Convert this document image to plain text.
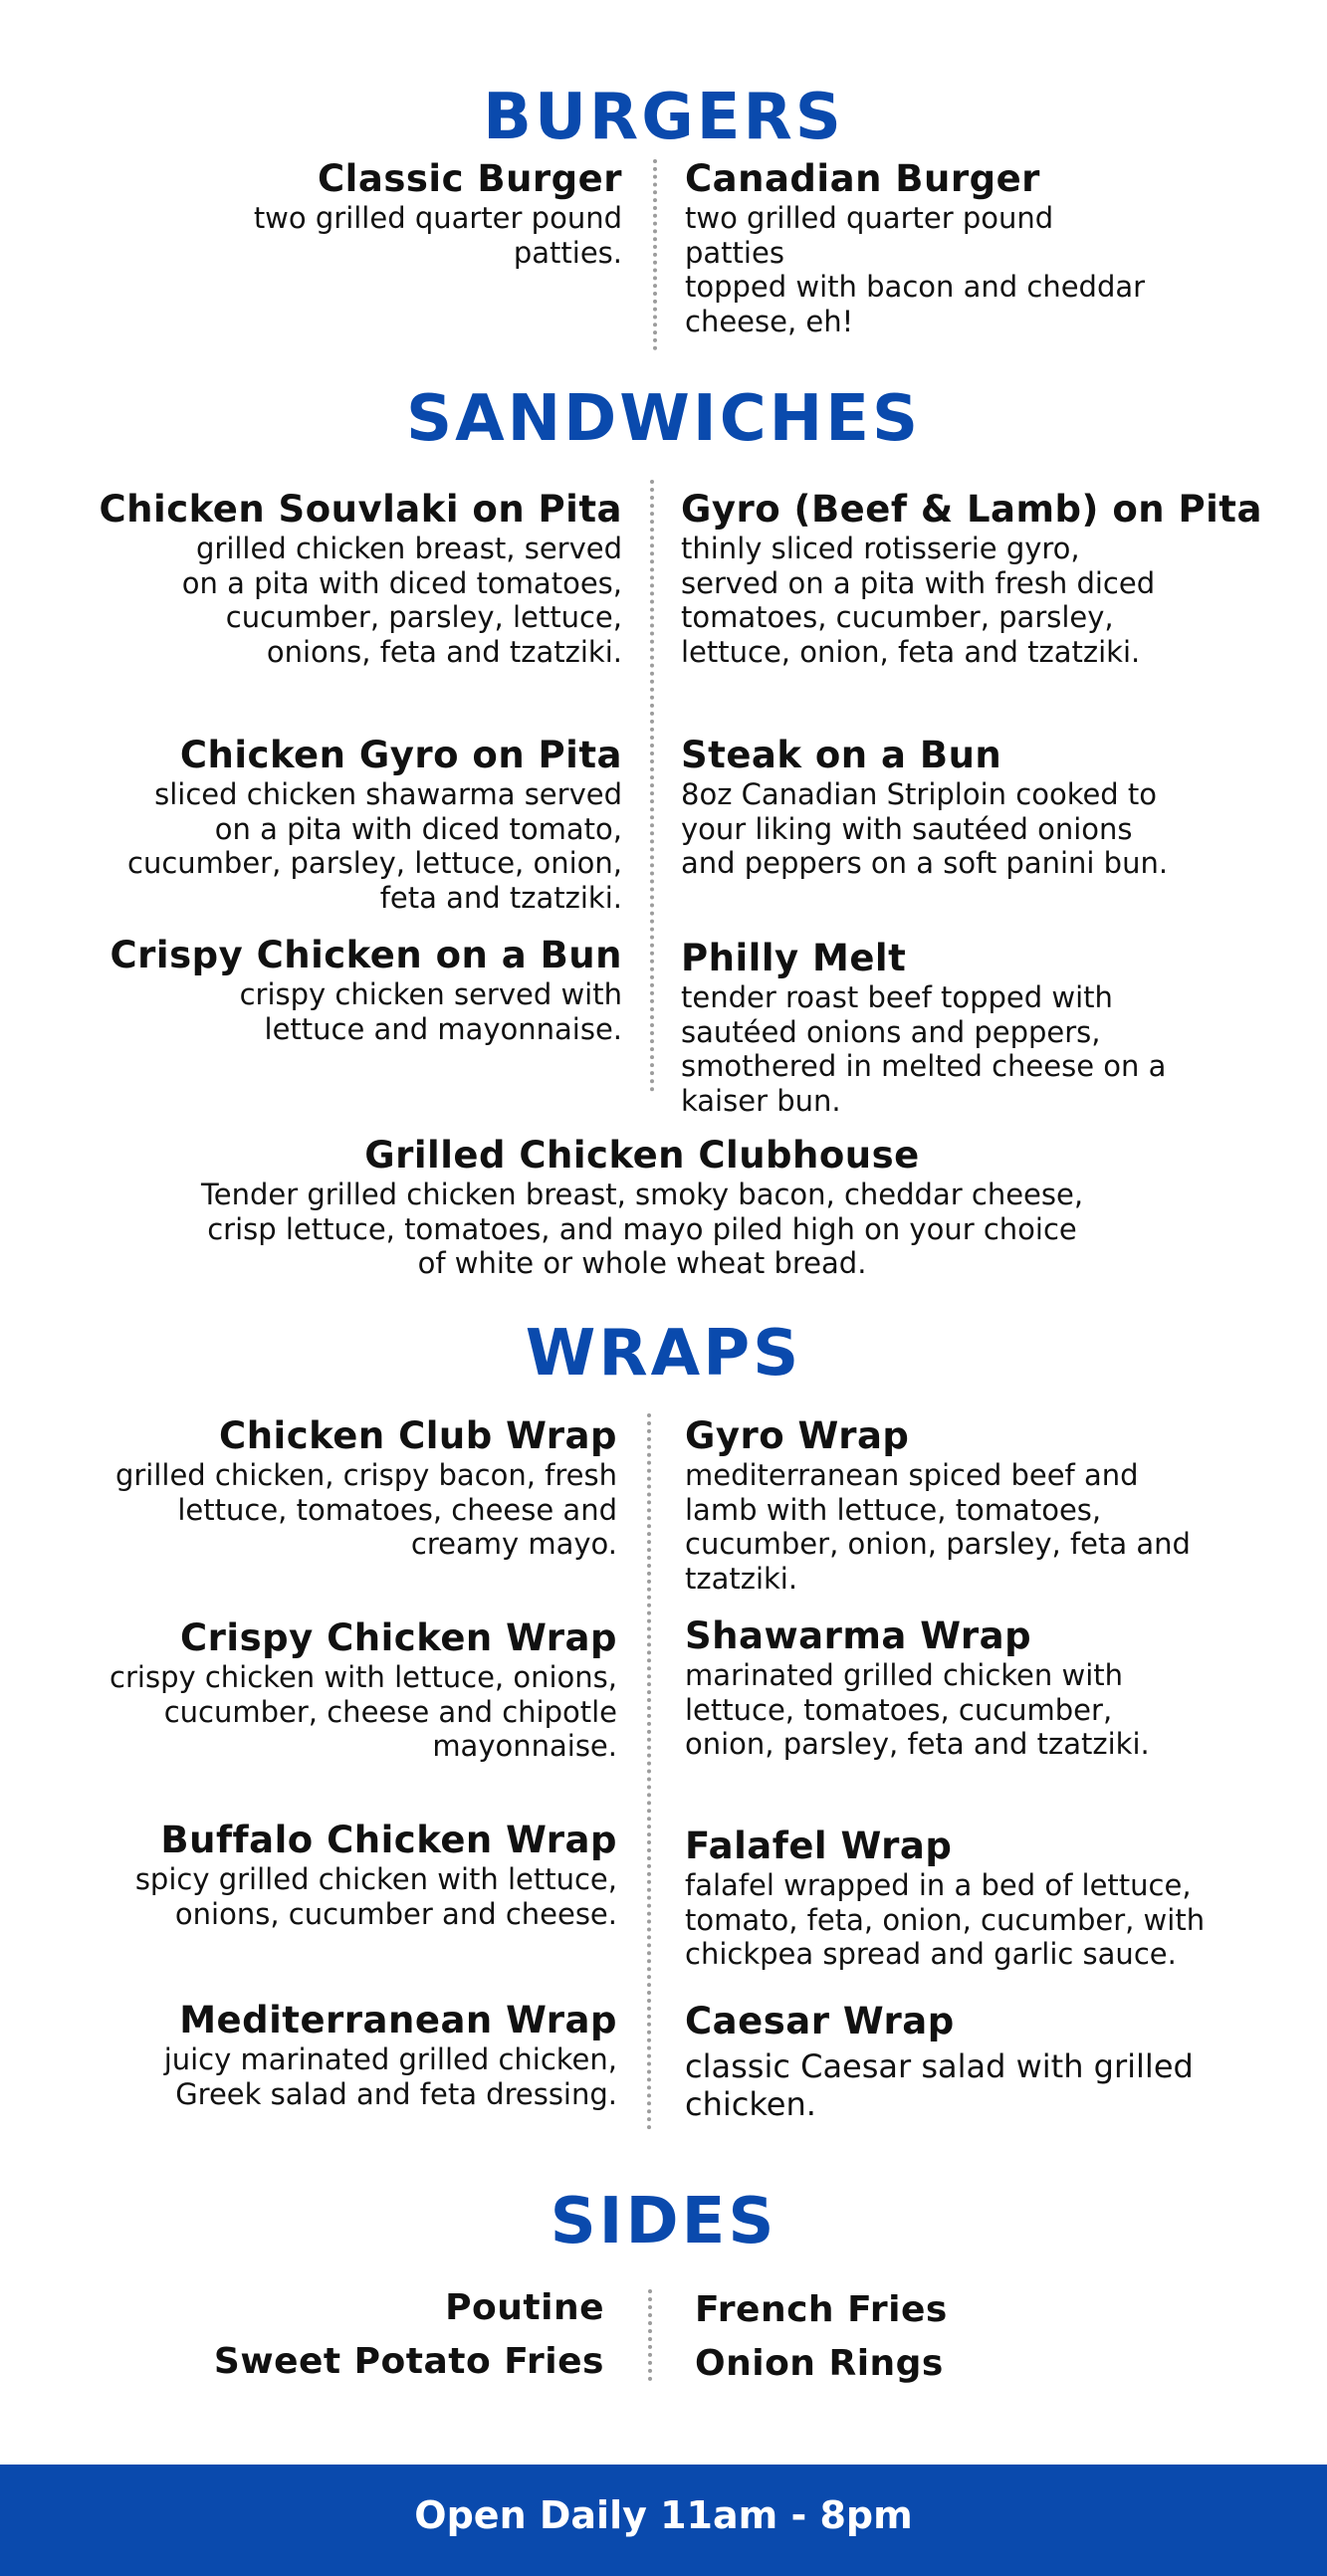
BURGERS
Classic Burger
two grilled quarter pound
patties.
Canadian Burger
two grilled quarter pound
patties
topped with bacon and cheddar
cheese, eh!
SANDWICHES
Chicken Souvlaki on Pita
grilled chicken breast, served
on a pita with diced tomatoes,
cucumber, parsley, lettuce,
onions, feta and tzatziki.
Chicken Gyro on Pita
sliced chicken shawarma served
on a pita with diced tomato,
cucumber, parsley, lettuce, onion,
feta and tzatziki.
Crispy Chicken on a Bun
crispy chicken served with
lettuce and mayonnaise.
Gyro (Beef & Lamb) on Pita
thinly sliced rotisserie gyro,
served on a pita with fresh diced
tomatoes, cucumber, parsley,
lettuce, onion, feta and tzatziki.
Steak on a Bun
8oz Canadian Striploin cooked to
your liking with sautéed onions
and peppers on a soft panini bun.
Philly Melt
tender roast beef topped with
sautéed onions and peppers,
smothered in melted cheese on a
kaiser bun.
Grilled Chicken Clubhouse
Tender grilled chicken breast, smoky bacon, cheddar cheese,
crisp lettuce, tomatoes, and mayo piled high on your choice
of white or whole wheat bread.
WRAPS
Chicken Club Wrap
grilled chicken, crispy bacon, fresh
lettuce, tomatoes, cheese and
creamy mayo.
Crispy Chicken Wrap
crispy chicken with lettuce, onions,
cucumber, cheese and chipotle
mayonnaise.
Buffalo Chicken Wrap
spicy grilled chicken with lettuce,
onions, cucumber and cheese.
Mediterranean Wrap
juicy marinated grilled chicken,
Greek salad and feta dressing.
Gyro Wrap
mediterranean spiced beef and
lamb with lettuce, tomatoes,
cucumber, onion, parsley, feta and
tzatziki.
Shawarma Wrap
marinated grilled chicken with
lettuce, tomatoes, cucumber,
onion, parsley, feta and tzatziki.
Falafel Wrap
falafel wrapped in a bed of lettuce,
tomato, feta, onion, cucumber, with
chickpea spread and garlic sauce.
Caesar Wrap
classic Caesar salad with grilled
chicken.
SIDES
Poutine
Sweet Potato Fries
French Fries
Onion Rings
Open Daily 11am - 8pm
